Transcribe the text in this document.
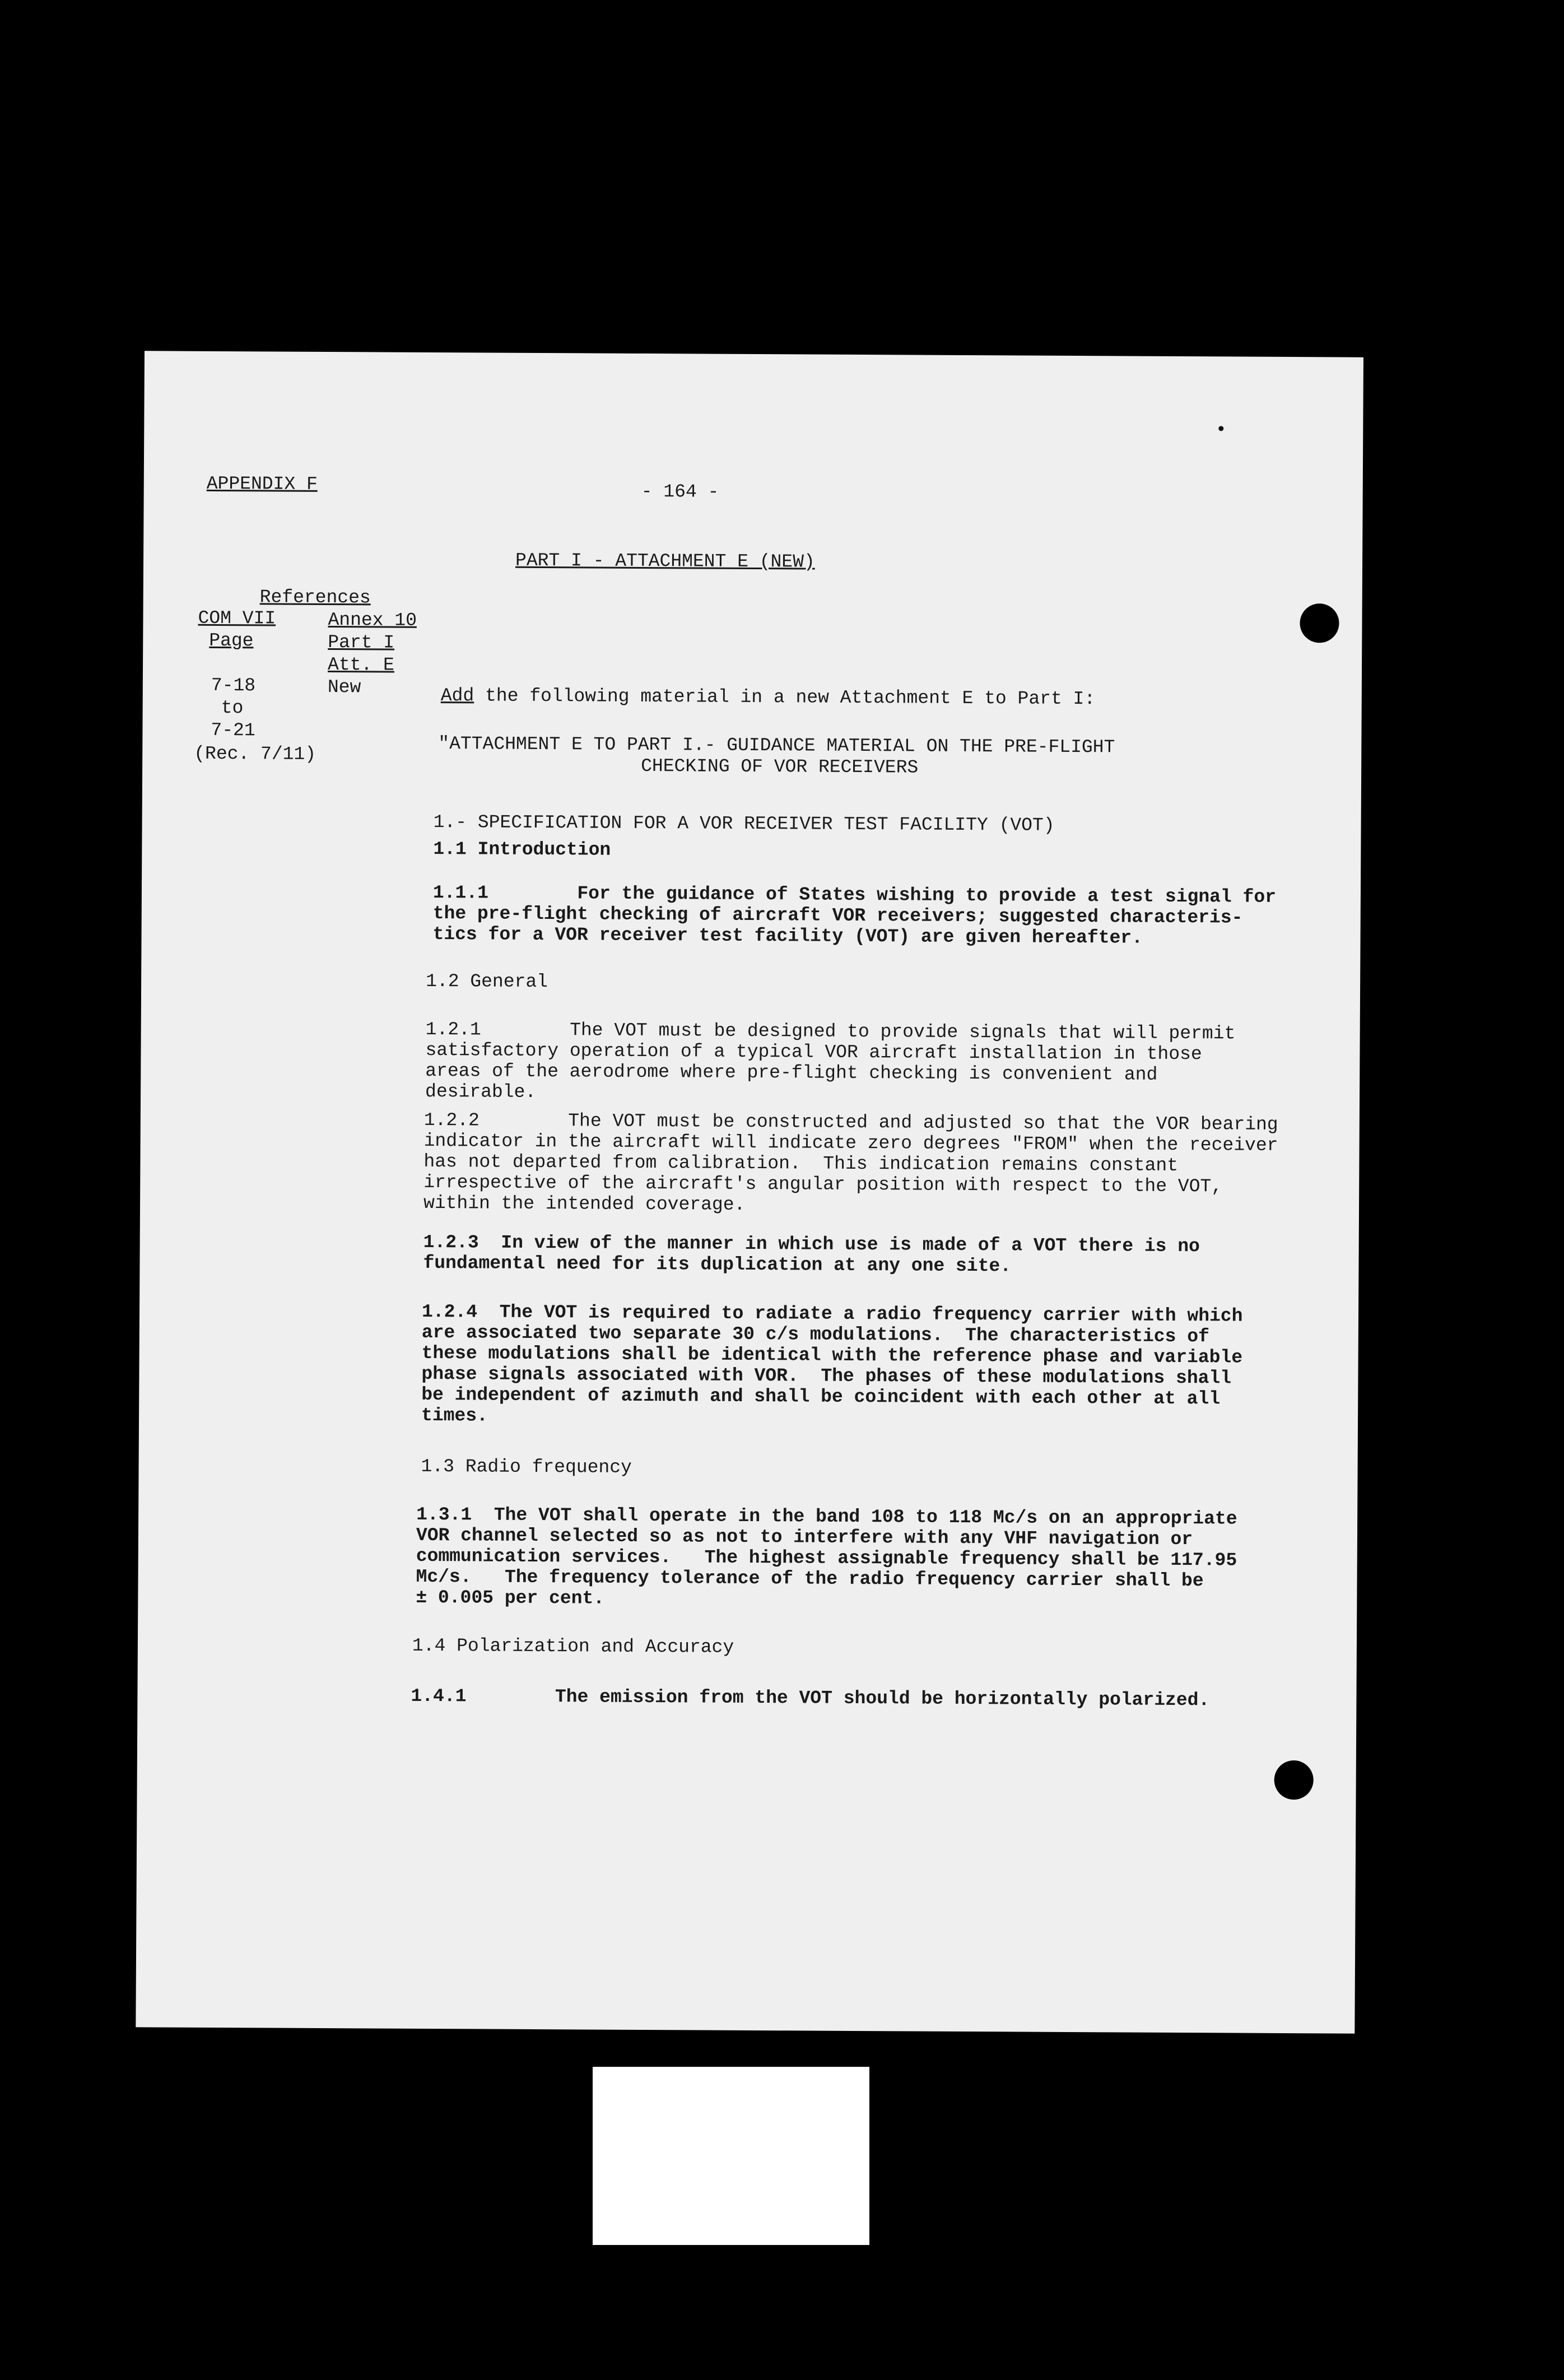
APPENDIX F	- 164 -
PART I - ATTACHMENT E (NEW)
References
COM VII
Page
Annex 10
Part I
Att. E
7-18
to
7-21
(Rec. 7/11)
New	Add the following material in a new Attachment E to Part I:
"ATTACHMENT E TO PART I.- GUIDANCE MATERIAL ON THE PRE-FLIGHT
CHECKING OF VOR RECEIVERS
1.- SPECIFICATION FOR A VOR RECEIVER TEST FACILITY (VOT)
1.1 Introduction
1.1.1        For the guidance of States wishing to provide a test signal for
the pre-flight checking of aircraft VOR receivers; suggested characteris-
tics for a VOR receiver test facility (VOT) are given hereafter.
1.2 General
1.2.1        The VOT must be designed to provide signals that will permit
satisfactory operation of a typical VOR aircraft installation in those
areas of the aerodrome where pre-flight checking is convenient and
desirable.
1.2.2        The VOT must be constructed and adjusted so that the VOR bearing
indicator in the aircraft will indicate zero degrees "FROM" when the receiver
has not departed from calibration.  This indication remains constant
irrespective of the aircraft's angular position with respect to the VOT,
within the intended coverage.
1.2.3  In view of the manner in which use is made of a VOT there is no
fundamental need for its duplication at any one site.
1.2.4  The VOT is required to radiate a radio frequency carrier with which
are associated two separate 30 c/s modulations.  The characteristics of
these modulations shall be identical with the reference phase and variable
phase signals associated with VOR.  The phases of these modulations shall
be independent of azimuth and shall be coincident with each other at all
times.
1.3 Radio frequency
1.3.1  The VOT shall operate in the band 108 to 118 Mc/s on an appropriate
VOR channel selected so as not to interfere with any VHF navigation or
communication services.   The highest assignable frequency shall be 117.95
Mc/s.   The frequency tolerance of the radio frequency carrier shall be
± 0.005 per cent.
1.4 Polarization and Accuracy
1.4.1        The emission from the VOT should be horizontally polarized.
